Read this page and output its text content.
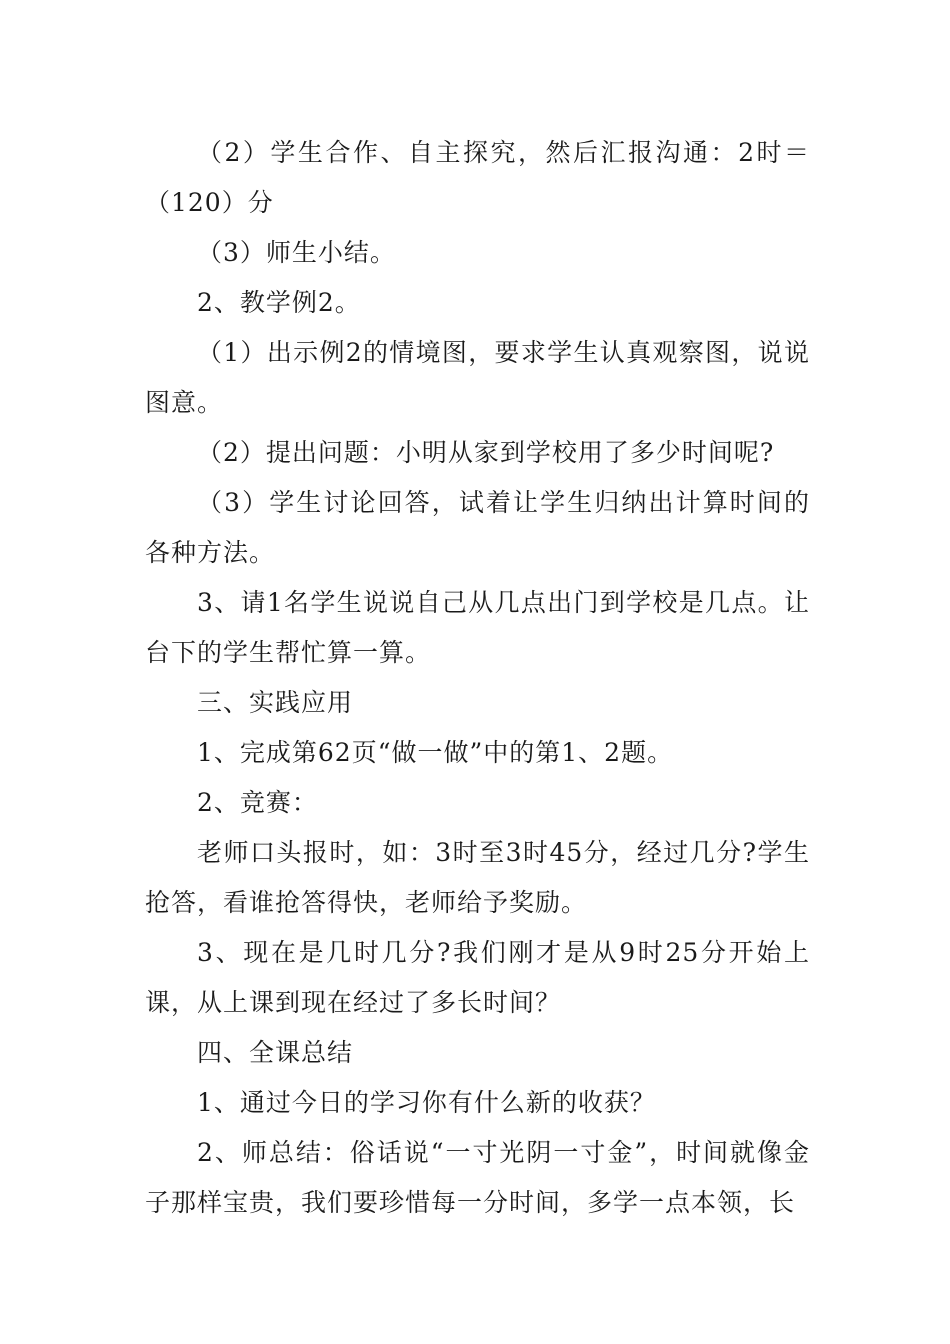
（2）学生合作、自主探究，然后汇报沟通：2时＝（120）分

（3）师生小结。

2、教学例2。

（1）出示例2的情境图，要求学生认真观察图，说说图意。

（2）提出问题：小明从家到学校用了多少时间呢?

（3）学生讨论回答，试着让学生归纳出计算时间的各种方法。

3、请1名学生说说自己从几点出门到学校是几点。让台下的学生帮忙算一算。

三、实践应用

1、完成第62页“做一做”中的第1、2题。

2、竞赛：

老师口头报时，如：3时至3时45分，经过几分?学生抢答，看谁抢答得快，老师给予奖励。

3、现在是几时几分?我们刚才是从9时25分开始上课，从上课到现在经过了多长时间？

四、全课总结

1、通过今日的学习你有什么新的收获？

2、师总结：俗话说“一寸光阴一寸金”，时间就像金子那样宝贵，我们要珍惜每一分时间，多学一点本领，长
